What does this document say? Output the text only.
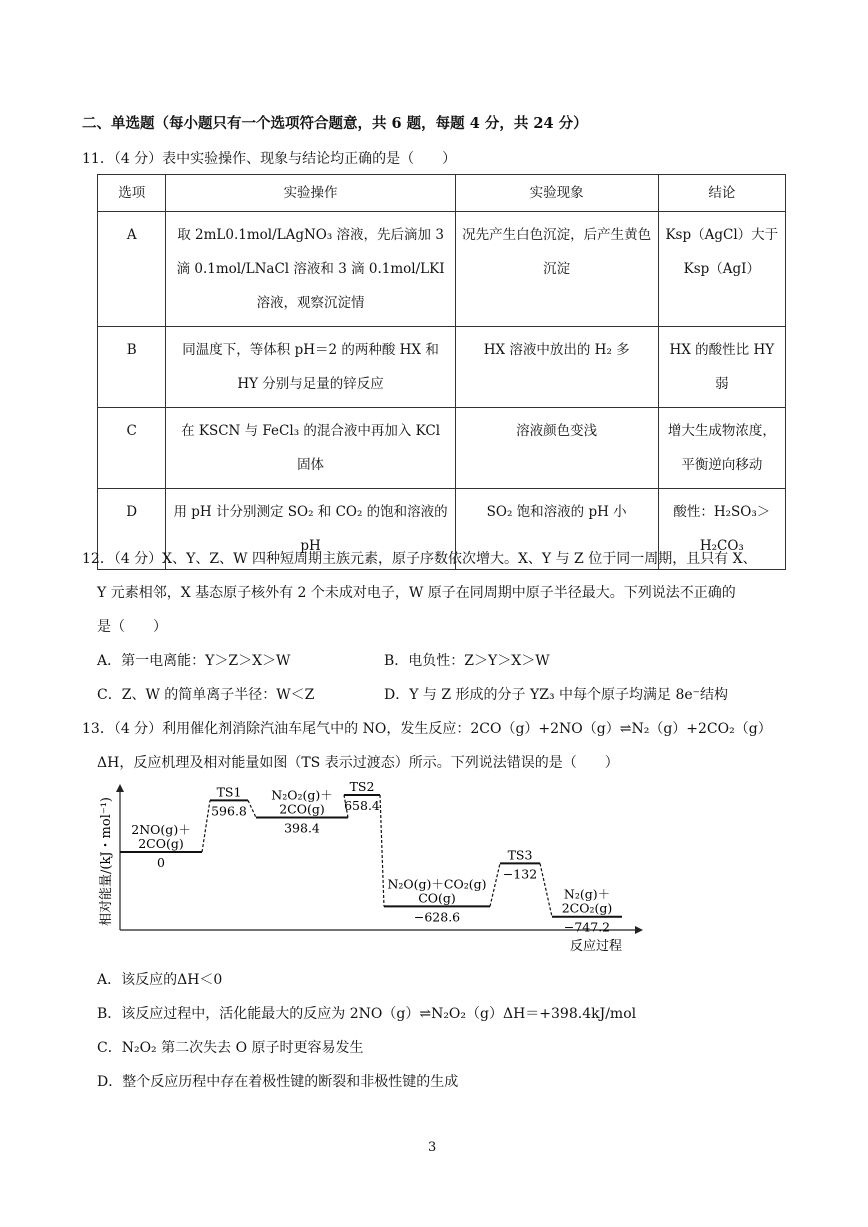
二、单选题（每小题只有一个选项符合题意，共 6 题，每题 4 分，共 24 分）
11．（4 分）表中实验操作、现象与结论均正确的是（　　）
选项	实验操作	实验现象	结论
A	取 2mL0.1mol/LAgNO₃ 溶液，先后滴加 3 滴 0.1mol/LNaCl 溶液和 3 滴 0.1mol/LKI 溶液，观察沉淀情	况先产生白色沉淀，后产生黄色沉淀	Ksp（AgCl）大于 Ksp（AgI）
B	同温度下，等体积 pH＝2 的两种酸 HX 和 HY 分别与足量的锌反应	HX 溶液中放出的 H₂ 多	HX 的酸性比 HY 弱
C	在 KSCN 与 FeCl₃ 的混合液中再加入 KCl 固体	溶液颜色变浅	增大生成物浓度，平衡逆向移动
D	用 pH 计分别测定 SO₂ 和 CO₂ 的饱和溶液的 pH	SO₂ 饱和溶液的 pH 小	酸性：H₂SO₃＞H₂CO₃
12．（4 分）X、Y、Z、W 四种短周期主族元素，原子序数依次增大。X、Y 与 Z 位于同一周期，且只有 X、
Y 元素相邻，X 基态原子核外有 2 个未成对电子，W 原子在同周期中原子半径最大。下列说法不正确的
是（　　）
A．第一电离能：Y＞Z＞X＞W	B．电负性：Z＞Y＞X＞W
C．Z、W 的简单离子半径：W＜Z	D．Y 与 Z 形成的分子 YZ₃ 中每个原子均满足 8e⁻结构
13．（4 分）利用催化剂消除汽油车尾气中的 NO，发生反应：2CO（g）+2NO（g）⇌N₂（g）+2CO₂（g）
ΔH，反应机理及相对能量如图（TS 表示过渡态）所示。下列说法错误的是（　　）
相对能量/(kJ・mol⁻¹)
反应过程
2NO(g)＋
2CO(g)
0
TS1
596.8
N₂O₂(g)＋
2CO(g)
398.4
TS2
658.4
N₂O(g)＋CO₂(g)
CO(g)
−628.6
TS3
−132
N₂(g)＋
2CO₂(g)
−747.2
A．该反应的ΔH＜0
B．该反应过程中，活化能最大的反应为 2NO（g）⇌N₂O₂（g）ΔH＝+398.4kJ/mol
C．N₂O₂ 第二次失去 O 原子时更容易发生
D．整个反应历程中存在着极性键的断裂和非极性键的生成
3
